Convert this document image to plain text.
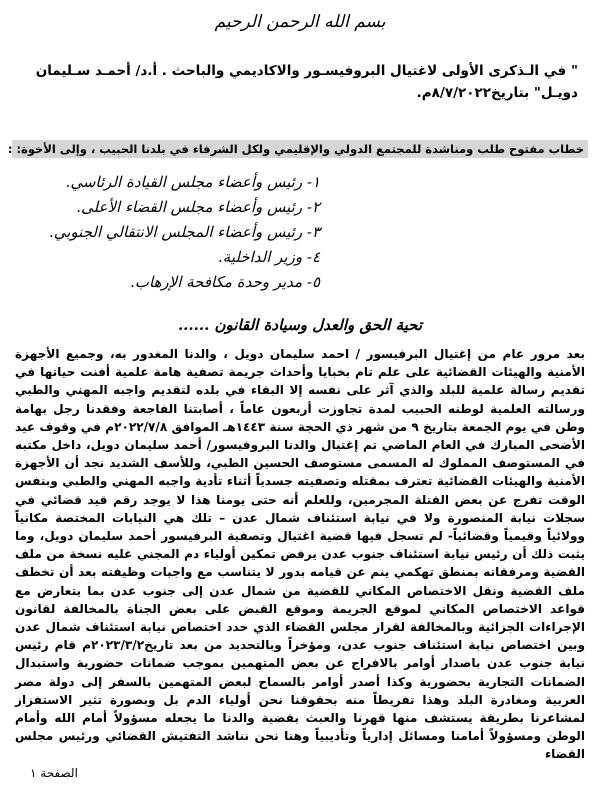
بسم الله الرحمن الرحيم
" في الـذكرى الأولى لاغتيال البروفيسـور والاكاديمي والباحث . أ.د/ أحمـد سـليمان دويـل" بتاريخ٨/٧/٢٠٢٢م.
خطاب مفتوح طلب ومناشدة للمجتمع الدولي والإقليمي ولكل الشرفاء في بلدنا الحبيب ، وإلى الأخوة: :
١- رئيس وأعضاء مجلس القيادة الرئاسي.
٢- رئيس وأعضاء مجلس القضاء الأعلى.
٣- رئيس وأعضاء المجلس الانتقالي الجنوبي.
٤- وزير الداخلية.
٥- مدير وحدة مكافحة الإرهاب.
تحية الحق والعدل وسيادة القانون ......

بعد مرور عام من إغتيال البرفيسور / احمد سليمان دويل ، والدنا المغدور به، وجميع الأجهزة الأمنية والهيئات القضائية على علم تام بخبايا وأحداث جريمة تصفية هامة علمية أفنت حياتها في تقديم رسالة علمية للبلد والذي آثر على نفسه إلا البقاء في بلده لتقديم واجبه المهني والطبي ورسالته العلمية لوطنه الحبيب لمدة تجاوزت أربعون عاماً ، أصابتنا الفاجعة وفقدنا رجل بهامة وطن في يوم الجمعة بتاريخ ٩ من شهر ذي الحجة سنة ١٤٤٣هـ الموافق ٢٠٢٢/٧/٨م في وقوف عيد الأضحى المبارك في العام الماضي تم إغتيال والدنا البروفيسور/ أحمد سليمان دويل، داخل مكتبه في المستوصف المملوك له المسمى مستوصف الحسين الطبي، وللأسف الشديد نجد أن الأجهزة الأمنية والهيئات القضائية تعترف بمقتله وتصفيته جسدياً أثناء تأدية واجبه المهني والطبي وبنفس الوقت تفرج عن بعض القتلة المجرمين، وللعلم أنه حتى يومنا هذا لا يوجد رقم قيد قضائي في سجلات نيابة المنصورة ولا في نيابة استئناف شمال عدن – تلك هي النيابات المختصة مكانياً وولائياً وقيمياً وقضائياً- لم تسجل فيها قضية اغتيال وتصفية البرفيسور أحمد سليمان دويل، وما يثبت ذلك أن رئيس نيابة استئناف جنوب عدن يرفض تمكين أولياء دم المجني عليه نسخة من ملف القضية ومرفقاته بمنطق تهكمي ينم عن قيامه بدور لا يتناسب مع واجبات وظيفته بعد أن تخطف ملف القضية ونقل الاختصاص المكاني للقضية من شمال عدن إلى جنوب عدن بما يتعارض مع قواعد الاختصاص المكاني لموقع الجريمة وموقع القبض على بعض الجناة بالمخالفة لقانون الإجراءات الجزائية وبالمخالفة لقرار مجلس القضاء الذي حدد اختصاص نيابة استئناف شمال عدن وبين اختصاص نيابة استئناف جنوب عدن، ومؤخراً وبالتحديد من بعد تاريخ٢٠٢٣/٣/٢م قام رئيس نيابة جنوب عدن باصدار أوامر بالافراج عن بعض المتهمين بموجب ضمانات حضورية واستبدال الضمانات التجارية بحضورية وكذا أصدر أوامر بالسماح لبعض المتهمين بالسفر إلى دولة مصر العربية ومغادرة البلد وهذا تفريطاً منه بحقوقنا نحن أولياء الدم بل وبصورة تثير الاستفزاز لمشاعرنا بطريقة يستشف منها قهرنا والعبث بقضية والدنا ما يجعله مسؤولاً أمام الله وأمام الوطن ومسؤولاً أمامنا ومسائل إدارياً وتأديبياً وهنا نحن نناشد التفتيش القضائي ورئيس مجلس القضاء

الصفحة ١
